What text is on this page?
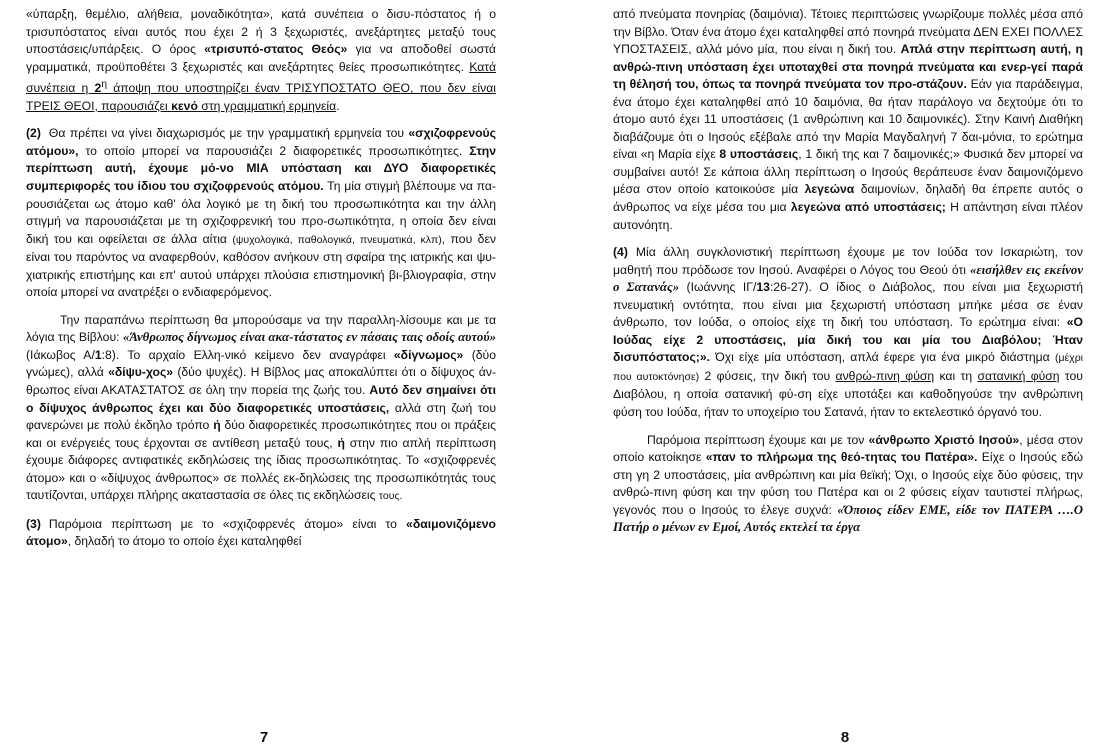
«ύπαρξη, θεμέλιο, αλήθεια, μοναδικότητα», κατά συνέπεια ο δισυ-πόστατος ή ο τρισυπόστατος είναι αυτός που έχει 2 ή 3 ξεχωριστές, ανεξάρτητες μεταξύ τους υποστάσεις/υπάρξεις. Ο όρος «τρισυπό-στατος Θεός» για να αποδοθεί σωστά γραμματικά, προϋποθέτει 3 ξεχωριστές και ανεξάρτητες θείες προσωπικότητες. Κατά συνέπεια η $2^\eta$ άποψη που υποστηρίζει έναν ΤΡΙΣΥΠΟΣΤΑΤΟ ΘΕΟ, που δεν είναι ΤΡΕΙΣ ΘΕΟΙ, παρουσιάζει κενό στη γραμματική ερμηνεία.

(2) Θα πρέπει να γίνει διαχωρισμός με την γραμματική ερμηνεία του «σχιζοφρενούς ατόμου», το οποίο μπορεί να παρουσιάζει 2 διαφορετικές προσωπικότητες. Στην περίπτωση αυτή, έχουμε μό-νο ΜΙΑ υπόσταση και ΔΥΟ διαφορετικές συμπεριφορές του ίδιου του σχιζοφρενούς ατόμου. Τη μία στιγμή βλέπουμε να πα-ρουσιάζεται ως άτομο καθ' όλα λογικό με τη δική του προσωπικότητα και την άλλη στιγμή να παρουσιάζεται με τη σχιζοφρενική του προ-σωπικότητα, η οποία δεν είναι δική του και οφείλεται σε άλλα αίτια (ψυχολογικά, παθολογικά, πνευματικά, κλπ), που δεν είναι του παρόντος να αναφερθούν, καθόσον ανήκουν στη σφαίρα της ιατρικής και ψυ-χιατρικής επιστήμης και επ' αυτού υπάρχει πλούσια επιστημονική βι-βλιογραφία, στην οποία μπορεί να ανατρέξει ο ενδιαφερόμενος.

Την παραπάνω περίπτωση θα μπορούσαμε να την παραλλη-λίσουμε και με τα λόγια της Βίβλου: «Άνθρωπος δίγνωμος είναι ακα-τάστατος εν πάσαις ταις οδοίς αυτού» (Ιάκωβος Α/1:8). Το αρχαίο Ελλη-νικό κείμενο δεν αναγράφει «δίγνωμος» (δύο γνώμες), αλλά «δίψυ-χος» (δύο ψυχές). Η Βίβλος μας αποκαλύπτει ότι ο δίψυχος άν-θρωπος είναι ΑΚΑΤΑΣΤΑΤΟΣ σε όλη την πορεία της ζωής του. Αυτό δεν σημαίνει ότι ο δίψυχος άνθρωπος έχει και δύο διαφορετικές υποστάσεις, αλλά στη ζωή του φανερώνει με πολύ έκδηλο τρόπο ή δύο διαφορετικές προσωπικότητες που οι πράξεις και οι ενέργειές τους έρχονται σε αντίθεση μεταξύ τους, ή στην πιο απλή περίπτωση έχουμε διάφορες αντιφατικές εκδηλώσεις της ίδιας προσωπικότητας. Το «σχιζοφρενές άτομο» και ο «δίψυχος άνθρωπος» σε πολλές εκ-δηλώσεις της προσωπικότητάς τους ταυτίζονται, υπάρχει πλήρης ακαταστασία σε όλες τις εκδηλώσεις τους.

(3) Παρόμοια περίπτωση με το «σχιζοφρενές άτομο» είναι το «δαιμονιζόμενο άτομο», δηλαδή το άτομο το οποίο έχει καταληφθεί

7

από πνεύματα πονηρίας (δαιμόνια). Τέτοιες περιπτώσεις γνωρίζουμε πολλές μέσα από την Βίβλο. Όταν ένα άτομο έχει καταληφθεί από πονηρά πνεύματα ΔΕΝ ΕΧΕΙ ΠΟΛΛΕΣ ΥΠΟΣΤΑΣΕΙΣ, αλλά μόνο μία, που είναι η δική του. Απλά στην περίπτωση αυτή, η ανθρώ-πινη υπόσταση έχει υποταχθεί στα πονηρά πνεύματα και ενερ-γεί παρά τη θέλησή του, όπως τα πονηρά πνεύματα τον προ-στάζουν. Εάν για παράδειγμα, ένα άτομο έχει καταληφθεί από 10 δαιμόνια, θα ήταν παράλογο να δεχτούμε ότι το άτομο αυτό έχει 11 υποστάσεις (1 ανθρώπινη και 10 δαιμονικές). Στην Καινή Διαθήκη διαβάζουμε ότι ο Ιησούς εξέβαλε από την Μαρία Μαγδαληνή 7 δαι-μόνια, το ερώτημα είναι «η Μαρία είχε 8 υποστάσεις, 1 δική της και 7 δαιμονικές;» Φυσικά δεν μπορεί να συμβαίνει αυτό! Σε κάποια άλλη περίπτωση ο Ιησούς θεράπευσε έναν δαιμονιζόμενο μέσα στον οποίο κατοικούσε μία λεγεώνα δαιμονίων, δηλαδή θα έπρεπε αυτός ο άνθρωπος να είχε μέσα του μια λεγεώνα από υποστάσεις; Η απάντηση είναι πλέον αυτονόητη.

(4) Μία άλλη συγκλονιστική περίπτωση έχουμε με τον Ιούδα τον Ισκαριώτη, τον μαθητή που πρόδωσε τον Ιησού. Αναφέρει ο Λόγος του Θεού ότι «εισήλθεν εις εκείνον ο Σατανάς» (Ιωάννης ΙΓ/13:26-27). Ο ίδιος ο Διάβολος, που είναι μια ξεχωριστή πνευματική οντότητα, που είναι μια ξεχωριστή υπόσταση μπήκε μέσα σε έναν άνθρωπο, τον Ιούδα, ο οποίος είχε τη δική του υπόσταση. Το ερώτημα είναι: «Ο Ιούδας είχε 2 υποστάσεις, μία δική του και μία του Διαβόλου; Ήταν δισυπόστατος;». Όχι είχε μία υπόσταση, απλά έφερε για ένα μικρό διάστημα (μέχρι που αυτοκτόνησε) 2 φύσεις, την δική του ανθρώ-πινη φύση και τη σατανική φύση του Διαβόλου, η οποία σατανική φύ-ση είχε υποτάξει και καθοδηγούσε την ανθρώπινη φύση του Ιούδα, ήταν το υποχείριο του Σατανά, ήταν το εκτελεστικό όργανό του.

Παρόμοια περίπτωση έχουμε και με τον «άνθρωπο Χριστό Ιησού», μέσα στον οποίο κατοίκησε «παν το πλήρωμα της θεό-τητας του Πατέρα». Είχε ο Ιησούς εδώ στη γη 2 υποστάσεις, μία ανθρώπινη και μία θεϊκή; Όχι, ο Ιησούς είχε δύο φύσεις, την ανθρώ-πινη φύση και την φύση του Πατέρα και οι 2 φύσεις είχαν ταυτιστεί πλήρως, γεγονός που ο Ιησούς το έλεγε συχνά: «Όποιος είδεν ΕΜΕ, είδε τον ΠΑΤΕΡΑ ….Ο Πατήρ ο μένων εν Εμοί, Αυτός εκτελεί τα έργα

8
